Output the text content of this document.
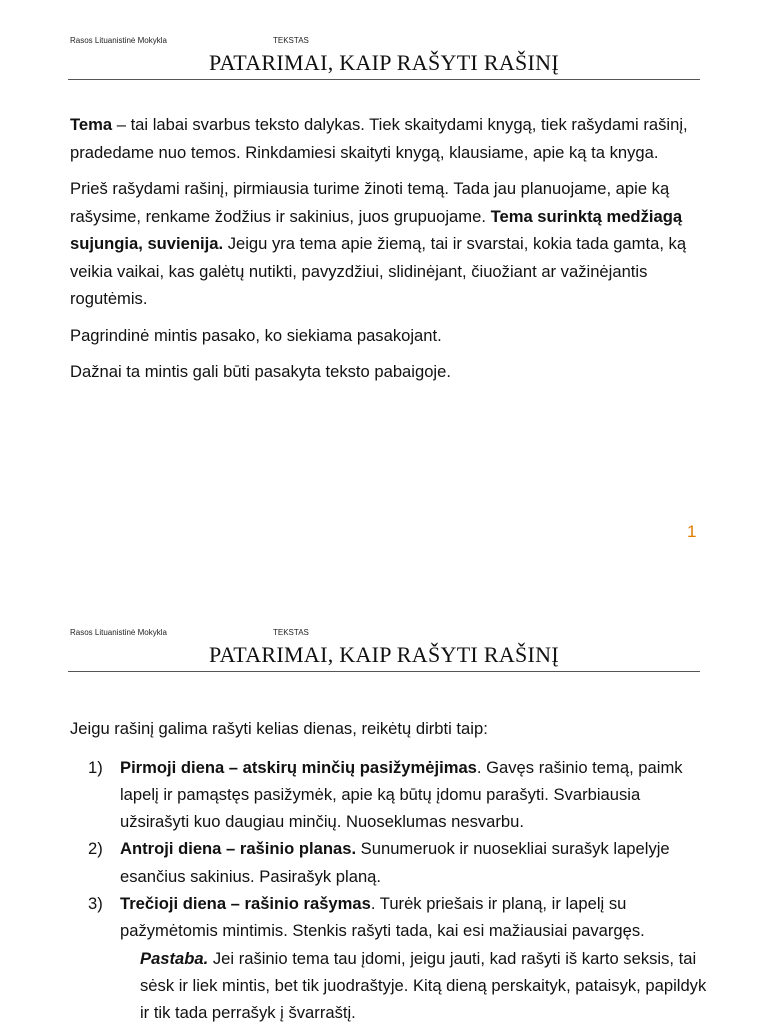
Rasos Lituanistinė Mokykla	TEKSTAS
PATARIMAI, KAIP RAŠYTI RAŠINĮ

Tema – tai labai svarbus teksto dalykas. Tiek skaitydami knygą, tiek rašydami rašinį, pradedame nuo temos. Rinkdamiesi skaityti knygą, klausiame, apie ką ta knyga.

Prieš rašydami rašinį, pirmiausia turime žinoti temą. Tada jau planuojame, apie ką rašysime, renkame žodžius ir sakinius, juos grupuojame. Tema surinktą medžiagą sujungia, suvienija. Jeigu yra tema apie žiemą, tai ir svarstai, kokia tada gamta, ką veikia vaikai, kas galėtų nutikti, pavyzdžiui, slidinėjant, čiuožiant ar važinėjantis rogutėmis.

Pagrindinė mintis pasako, ko siekiama pasakojant.

Dažnai ta mintis gali būti pasakyta teksto pabaigoje.

1
Rasos Lituanistinė Mokykla	TEKSTAS
PATARIMAI, KAIP RAŠYTI RAŠINĮ

Jeigu rašinį galima rašyti kelias dienas, reikėtų dirbti taip:

1) Pirmoji diena – atskirų minčių pasižymėjimas. Gavęs rašinio temą, paimk lapelį ir pamąstęs pasižymėk, apie ką būtų įdomu parašyti. Svarbiausia užsirašyti kuo daugiau minčių. Nuoseklumas nesvarbu.
2) Antroji diena – rašinio planas. Sunumeruok ir nuosekliai surašyk lapelyje esančius sakinius. Pasirašyk planą.
3) Trečioji diena – rašinio rašymas. Turėk priešais ir planą, ir lapelį su pažymėtomis mintimis. Stenkis rašyti tada, kai esi mažiausiai pavargęs.
Pastaba. Jei rašinio tema tau įdomi, jeigu jauti, kad rašyti iš karto seksis, tai sėsk ir liek mintis, bet tik juodraštyje. Kitą dieną perskaityk, pataisyk, papildyk ir tik tada perrašyk į švarraštį.
